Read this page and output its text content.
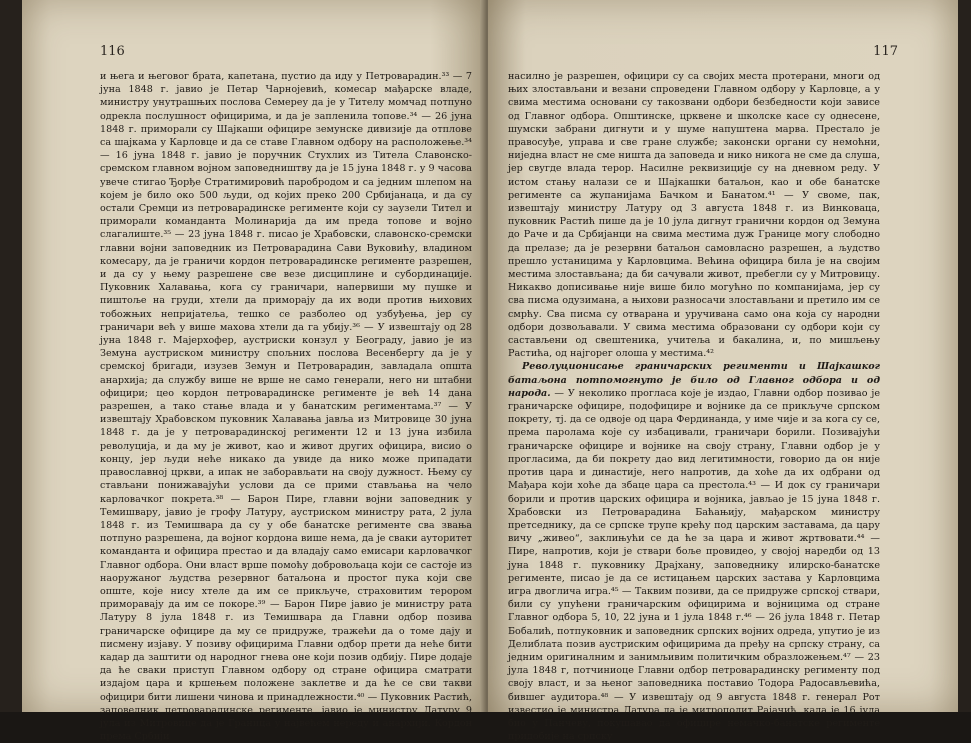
116

и њега и његовог брата, капетана, пустио да иду у Петроварадин.³³ — 7 јуна 1848 г. јавио је Петар Чарнојевић, комесар мађарске владе, министру унутрашњих послова Семереу да је у Тителу момчад потпуно одрекла послушност официрима, и да је запленила топове.³⁴ — 26 јуна 1848 г. приморали су Шајкаши официре земунске дивизије да отплове са шајкама у Карловце и да се ставе Главном одбору на расположење.³⁴ — 16 јуна 1848 г. јавио је поручник Стухлих из Титела Славонско-сремском главном војном заповедништву да је 15 јуна 1848 г. у 9 часова увече стигао Ђорђе Стратимировић паробродом и са једним шлепом на којем је било око 500 људи, од којих преко 200 Србијанаца, и да су остали Сремци из петроварадинске регименте који су заузели Тител и приморали команданта Молинарија да им преда топове и војно слагалиште.³⁵ — 23 јуна 1848 г. писао је Храбовски, славонско-сремски главни војни заповедник из Петроварадина Сави Вуковићу, владином комесару, да је граничи кордон петроварадинске регименте разрешен, и да су у њему разрешене све везе дисциплине и субординације. Пуковник Халавања, кога су граничари, напервиши му пушке и пиштоље на груди, хтели да приморају да их води против њихових тобожњих непријатеља, тешко се разболео од узбуђења, јер су граничари већ у више махова хтели да га убију.³⁶ — У извештају од 28 јуна 1848 г. Мајерхофер, аустриски конзул у Београду, јавио је из Земуна аустриском министру спољних послова Весенбергу да је у сремској бригади, изузев Земун и Петроварадин, завладала општа анархија; да службу више не врше не само генерали, него ни штабни официри; цео кордон петроварадинске регименте је већ 14 дана разрешен, а тако стање влада и у банатским региментама.³⁷ — У извештају Храбовском пуковник Халавања јавља из Митровице 30 јуна 1848 г. да је у петроварадинској регименти 12 и 13 јуна избила револуција, и да му је живот, као и живот других официра, висио о концу, јер људи неће никако да увиде да нико може припадати православној цркви, а ипак не заборављати на своју дужност. Њему су стављани понижавајући услови да се прими стављања на чело карловачког покрета.³⁸ — Барон Пире, главни војни заповедник у Темишвару, јавио је грофу Латуру, аустриском министру рата, 2 јула 1848 г. из Темишвара да су у обе банатске регименте сва звања потпуно разрешена, да војног кордона више нема, да је сваки ауторитет команданта и официра престао и да владају само емисари карловачког Главног одбора. Они власт врше помоћу добровољаца који се састоје из наоружаног људства резервног батаљона и простог пука који све опште, које нису хтеле да им се прикључе, страховитим терором приморавају да им се покоре.³⁹ — Барон Пире јавио је министру рата Латуру 8 јула 1848 г. из Темишвара да Главни одбор позива граничарске официре да му се придруже, тражећи да о томе дају и писмену изјаву. У позиву официрима Главни одбор прети да неће бити кадар да заштити од народног гнева оне који позив одбију. Пире додаје да ће сваки приступ Главном одбору од стране официра сматрати издајом цара и кршењем положене заклетве и да ће се сви такви официри бити лишени чинова и принадлежности.⁴⁰ — Пуковник Растић, заповедник петроварадинске регименте, јавио је министру Латуру 9 јула из Митровице да је Граница у највећем нереду и анархији. Кордон према Србији

117

насилно је разрешен, официри су са својих места протерани, многи од њих злостављани и везани спроведени Главном одбору у Карловце, а у свима местима основани су такозвани одбори безбедности који зависе од Главног одбора. Општинске, црквене и школске касе су однесене, шумски забрани дигнути и у шуме напуштена марва. Престало је правосуђе, управа и све гране службе; законски органи су немоћни, ниједна власт не сме ништа да заповеда и нико никога не сме да слуша, јер свугде влада терор. Насилне реквизиције су на дневном реду. У истом стању налази се и Шајкашки батаљон, као и обе банатске регименте са жупанијама Бачком и Банатом.⁴¹ — У своме, пак, извештају министру Латуру од 3 августа 1848 г. из Винковаца, пуковник Растић пише да је 10 јула дигнут гранични кордон од Земуна до Раче и да Србијанци на свима местима дуж Границе могу слободно да прелазе; да је резервни батаљон самовласно разрешен, а људство прешло устаницима у Карловцима. Већина официра била је на својим местима злостављана; да би сачували живот, пребегли су у Митровицу. Никакво дописивање није више било могућно по компанијама, јер су сва писма одузимана, а њихови разносачи злостављани и претило им се смрћу. Сва писма су отварана и уручивана само она која су народни одбори дозвољавали. У свима местима образовани су одбори који су састављени од свештеника, учитеља и бакалина, и, по мишљењу Растића, од најгорег олоша у местима.⁴²

Револуционисање граничарских регименти и Шајкашког батаљона потпомогнуто је било од Главног одбора и од народа. — У неколико прогласа које је издао, Главни одбор позивао је граничарске официре, подофицире и војнике да се прикључе српском покрету, тј. да се одвоје од цара Фердинанда, у име чије и за кога су се, према паролама које су избацивали, граничари борили. Позивајући граничарске официре и војнике на своју страну, Главни одбор је у прогласима, да би покрету дао вид легитимности, говорио да он није против цара и династије, него напротив, да хоће да их одбрани од Мађара који хоће да збаце цара са престола.⁴³ — И док су граничари борили и против царских официра и војника, јављао је 15 јуна 1848 г. Храбовски из Петроварадина Баћањију, мађарском министру претседнику, да се српске трупе крећу под царским заставама, да цару вичу „живео“, заклињући се да ће за цара и живот жртвовати.⁴⁴ — Пире, напротив, који је ствари боље провидео, у својој наредби од 13 јуна 1848 г. пуковнику Драјхану, заповеднику илирско-банатске регименте, писао је да се истицањем царских застава у Карловцима игра двоглича игра.⁴⁵ — Таквим позиви, да се придруже српској ствари, били су упућени граничарским официрима и војницима од стране Главног одбора 5, 10, 22 јуна и 1 јула 1848 г.⁴⁶ — 26 јула 1848 г. Петар Бобалић, потпуковник и заповедник српских војних одреда, упутио је из Делиблата позив аустриским официрима да пређу на српску страну, са једним оригиналним и занимљивим политичким образложењем.⁴⁷ — 23 јула 1848 г, потчиниоце Главни одбор петроварадинску регименту под своју власт, и за њеног заповедника поставио Тодора Радосављевића, бившег аудитора.⁴⁸ — У извештају од 9 августа 1848 г. генерал Рот известио је министра Латура да је митрополит Рајачић, када је 16 јула био у Панчеву, покушавао да официре немачко-банатске регименте придобије на српску
